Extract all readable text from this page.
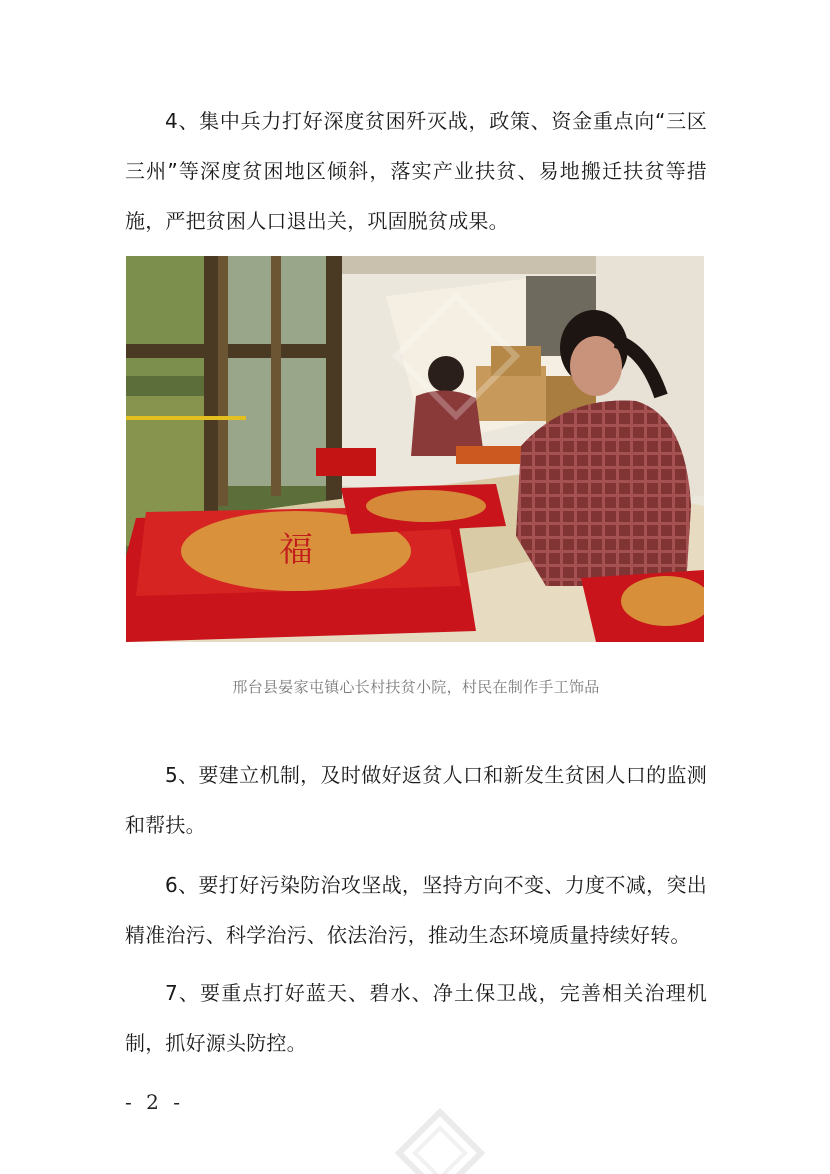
4、集中兵力打好深度贫困歼灭战，政策、资金重点向“三区三州”等深度贫困地区倾斜，落实产业扶贫、易地搬迁扶贫等措施，严把贫困人口退出关，巩固脱贫成果。

福
邢台县晏家屯镇心长村扶贫小院，村民在制作手工饰品

5、要建立机制，及时做好返贫人口和新发生贫困人口的监测和帮扶。

6、要打好污染防治攻坚战，坚持方向不变、力度不减，突出精准治污、科学治污、依法治污，推动生态环境质量持续好转。

7、要重点打好蓝天、碧水、净土保卫战，完善相关治理机制，抓好源头防控。

- 2 -
